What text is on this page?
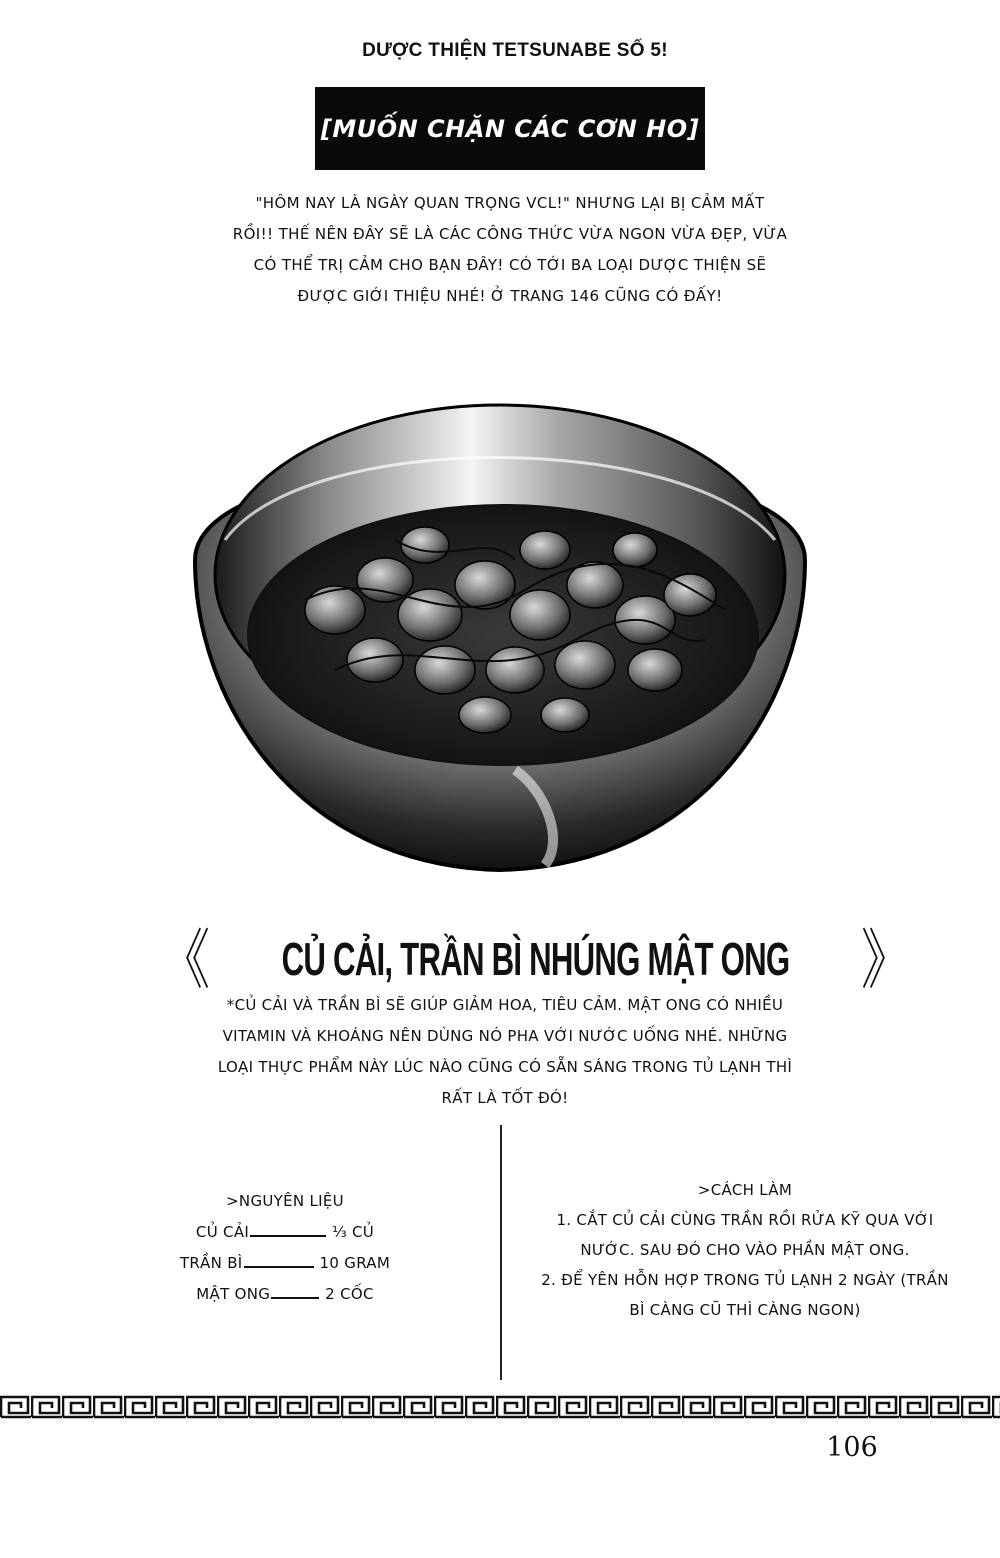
DƯỢC THIỆN TETSUNABE SỐ 5!
[MUỐN CHẶN CÁC CƠN HO]
"HÔM NAY LÀ NGÀY QUAN TRỌNG VCL!" NHƯNG LẠI BỊ CẢM MẤT
RỒI!! THẾ NÊN ĐÂY SẼ LÀ CÁC CÔNG THỨC VỪA NGON VỪA ĐẸP, VỪA
CÓ THỂ TRỊ CẢM CHO BẠN ĐÂY! CÓ TỚI BA LOẠI DƯỢC THIỆN SẼ
ĐƯỢC GIỚI THIỆU NHÉ! Ở TRANG 146 CŨNG CÓ ĐẤY!
《 CỦ CẢI, TRẦN BÌ NHÚNG MẬT ONG 》
*CỦ CẢI VÀ TRẦN BÌ SẼ GIÚP GIẢM HOA, TIÊU CẢM. MẬT ONG CÓ NHIỀU
VITAMIN VÀ KHOÁNG NÊN DÙNG NÓ PHA VỚI NƯỚC UỐNG NHÉ. NHỮNG
LOẠI THỰC PHẨM NÀY LÚC NÀO CŨNG CÓ SẴN SÁNG TRONG TỦ LẠNH THÌ
RẤT LÀ TỐT ĐÓ!
>NGUYÊN LIỆU
CỦ CẢI	⅓ CỦ
TRẦN BÌ	10 GRAM
MẬT ONG	2 CỐC
>CÁCH LÀM
1. CẮT CỦ CẢI CÙNG TRẦN RỒI RỬA KỸ QUA VỚI
NƯỚC. SAU ĐÓ CHO VÀO PHẦN MẬT ONG.
2. ĐỂ YÊN HỖN HỢP TRONG TỦ LẠNH 2 NGÀY (TRẦN
BÌ CÀNG CŨ THÌ CÀNG NGON)
106
